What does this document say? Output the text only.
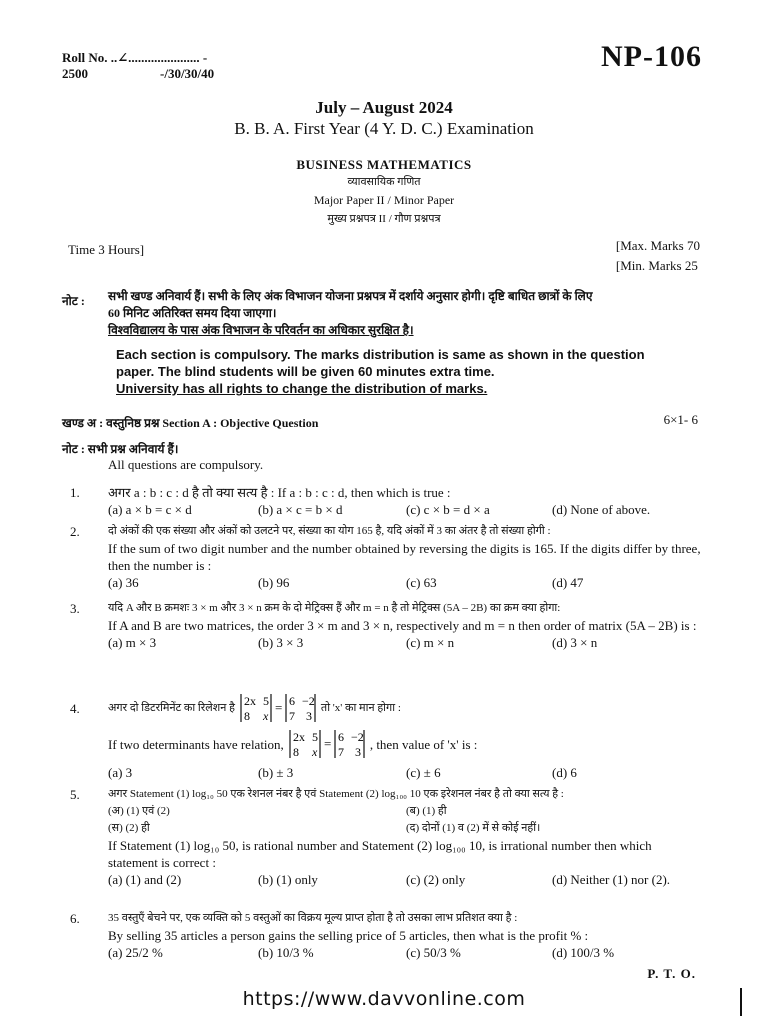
Roll No. ..∠...................... -
2500	-/30/30/40
NP-106
July – August 2024
B. B. A. First Year (4 Y. D. C.) Examination
BUSINESS MATHEMATICS
व्यावसायिक गणित
Major Paper II / Minor Paper
मुख्य प्रश्नपत्र II / गौण प्रश्नपत्र
Time 3 Hours]	[Max. Marks 70
[Min. Marks 25
नोट : सभी खण्ड अनिवार्य हैं। सभी के लिए अंक विभाजन योजना प्रश्नपत्र में दर्शाये अनुसार होगी। दृष्टि बाधित छात्रों के लिए
60 मिनिट अतिरिक्त समय दिया जाएगा।
विश्वविद्यालय के पास अंक विभाजन के परिवर्तन का अधिकार सुरक्षित है।
Each section is compulsory. The marks distribution is same as shown in the question
paper. The blind students will be given 60 minutes extra time.
University has all rights to change the distribution of marks.
खण्ड अ : वस्तुनिष्ठ प्रश्न Section A : Objective Question	6×1- 6
नोट : सभी प्रश्न अनिवार्य हैं।
All questions are compulsory.
1. अगर a : b : c : d है तो क्या सत्य है : If a : b : c : d, then which is true :
(a) a × b = c × d	(b) a × c = b × d	(c) c × b = d × a	(d) None of above.
2.	दो अंकों की एक संख्या और अंकों को उलटने पर, संख्या का योग 165 है, यदि अंकों में 3 का अंतर है तो संख्या होगी :
If the sum of two digit number and the number obtained by reversing the digits is 165. If the digits differ by three, then the number is :
(a) 36	(b) 96	(c) 63	(d) 47
3.	यदि A और B क्रमशः 3 × m और 3 × n क्रम के दो मेट्रिक्स हैं और m = n है तो मेट्रिक्स (5A – 2B) का क्रम क्या होगा:
If A and B are two matrices, the order 3 × m and 3 × n, respectively and m = n then order of matrix (5A – 2B) is :
(a) m × 3	(b) 3 × 3	(c) m × n	(d) 3 × n
4.	अगर दो डिटरमिनेंट का रिलेशन है 2x 5
8 x
= 6 −2
7 3
तो 'x' का मान होगा :
If two determinants have relation, 2x 5
8 x
= 6 −2
7 3
, then value of 'x' is :
(a) 3	(b) ± 3	(c) ± 6	(d) 6
5.	अगर Statement (1) log₁₀ 50 एक रेशनल नंबर है एवं Statement (2) log₁₀₀ 10 एक इरेशनल नंबर है तो क्या सत्य है :
(अ) (1) एवं (2)	(ब) (1) ही
(स) (2) ही	(द) दोनों (1) व (2) में से कोई नहीं।
If Statement (1) log₁₀ 50, is rational number and Statement (2) log₁₀₀ 10, is irrational number then which statement is correct :
(a) (1) and (2)	(b) (1) only	(c) (2) only	(d) Neither (1) nor (2).
6.	35 वस्तुएँ बेचने पर, एक व्यक्ति को 5 वस्तुओं का विक्रय मूल्य प्राप्त होता है तो उसका लाभ प्रतिशत क्या है :
By selling 35 articles a person gains the selling price of 5 articles, then what is the profit % :
(a) 25/2 %	(b) 10/3 %	(c) 50/3 %	(d) 100/3 %
P. T. O.
https://www.davvonline.com
